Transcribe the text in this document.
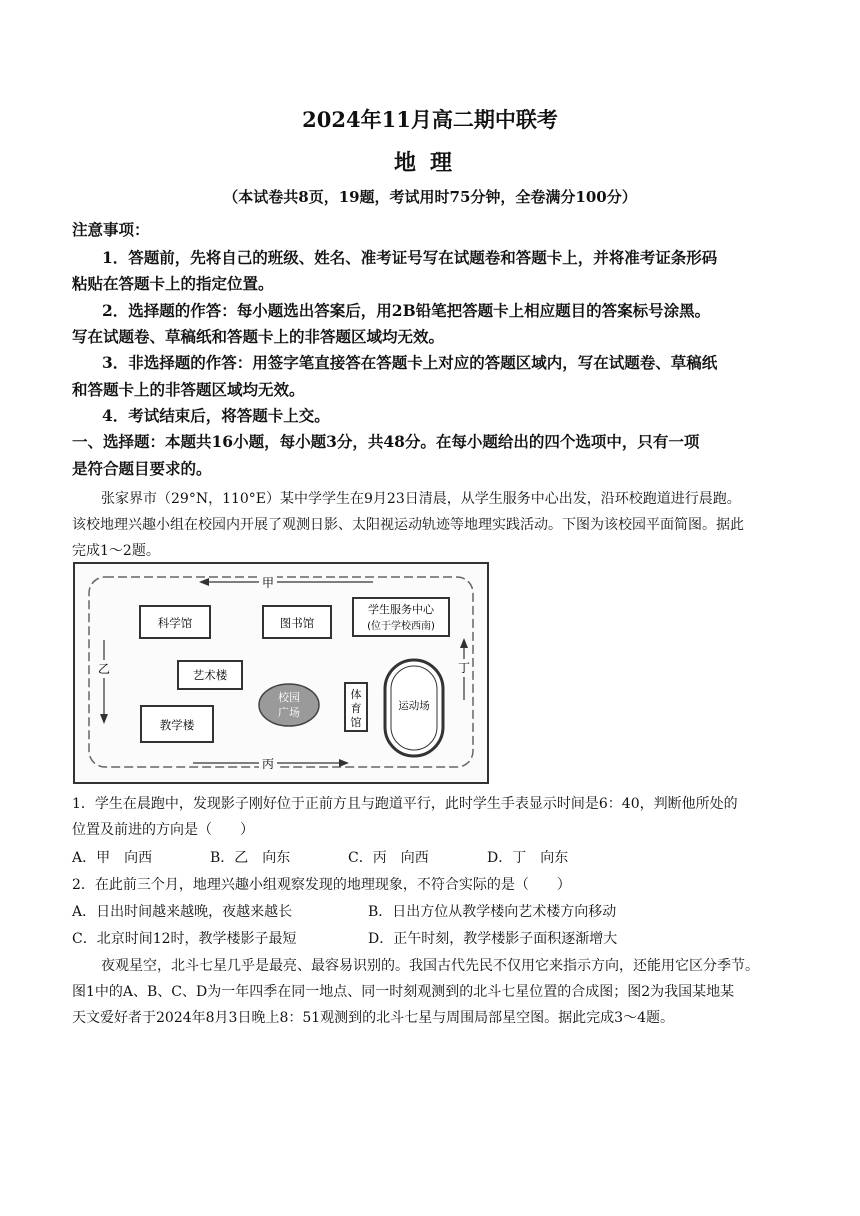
2024年11月高二期中联考
地理
（本试卷共8页，19题，考试用时75分钟，全卷满分100分）
注意事项：
1．答题前，先将自己的班级、姓名、准考证号写在试题卷和答题卡上，并将准考证条形码
粘贴在答题卡上的指定位置。
2．选择题的作答：每小题选出答案后，用2B铅笔把答题卡上相应题目的答案标号涂黑。
写在试题卷、草稿纸和答题卡上的非答题区域均无效。
3．非选择题的作答：用签字笔直接答在答题卡上对应的答题区域内，写在试题卷、草稿纸
和答题卡上的非答题区域均无效。
4．考试结束后，将答题卡上交。
一、选择题：本题共16小题，每小题3分，共48分。在每小题给出的四个选项中，只有一项
是符合题目要求的。
张家界市（29°N，110°E）某中学学生在9月23日清晨，从学生服务中心出发，沿环校跑道进行晨跑。
该校地理兴趣小组在校园内开展了观测日影、太阳视运动轨迹等地理实践活动。下图为该校园平面简图。据此
完成1～2题。
甲
丙
乙	丁
科学馆	图书馆
学生服务中心
(位于学校西南)
艺术楼
校园
广场
体
育
馆
运动场
教学楼
1．学生在晨跑中，发现影子刚好位于正前方且与跑道平行，此时学生手表显示时间是6：40，判断他所处的
位置及前进的方向是（　　）
A．甲　向西	B．乙　向东	C．丙　向西	D．丁　向东
2．在此前三个月，地理兴趣小组观察发现的地理现象，不符合实际的是（　　）
A．日出时间越来越晚，夜越来越长	B．日出方位从教学楼向艺术楼方向移动
C．北京时间12时，教学楼影子最短	D．正午时刻，教学楼影子面积逐渐增大
夜观星空，北斗七星几乎是最亮、最容易识别的。我国古代先民不仅用它来指示方向，还能用它区分季节。
图1中的A、B、C、D为一年四季在同一地点、同一时刻观测到的北斗七星位置的合成图；图2为我国某地某
天文爱好者于2024年8月3日晚上8：51观测到的北斗七星与周围局部星空图。据此完成3～4题。
